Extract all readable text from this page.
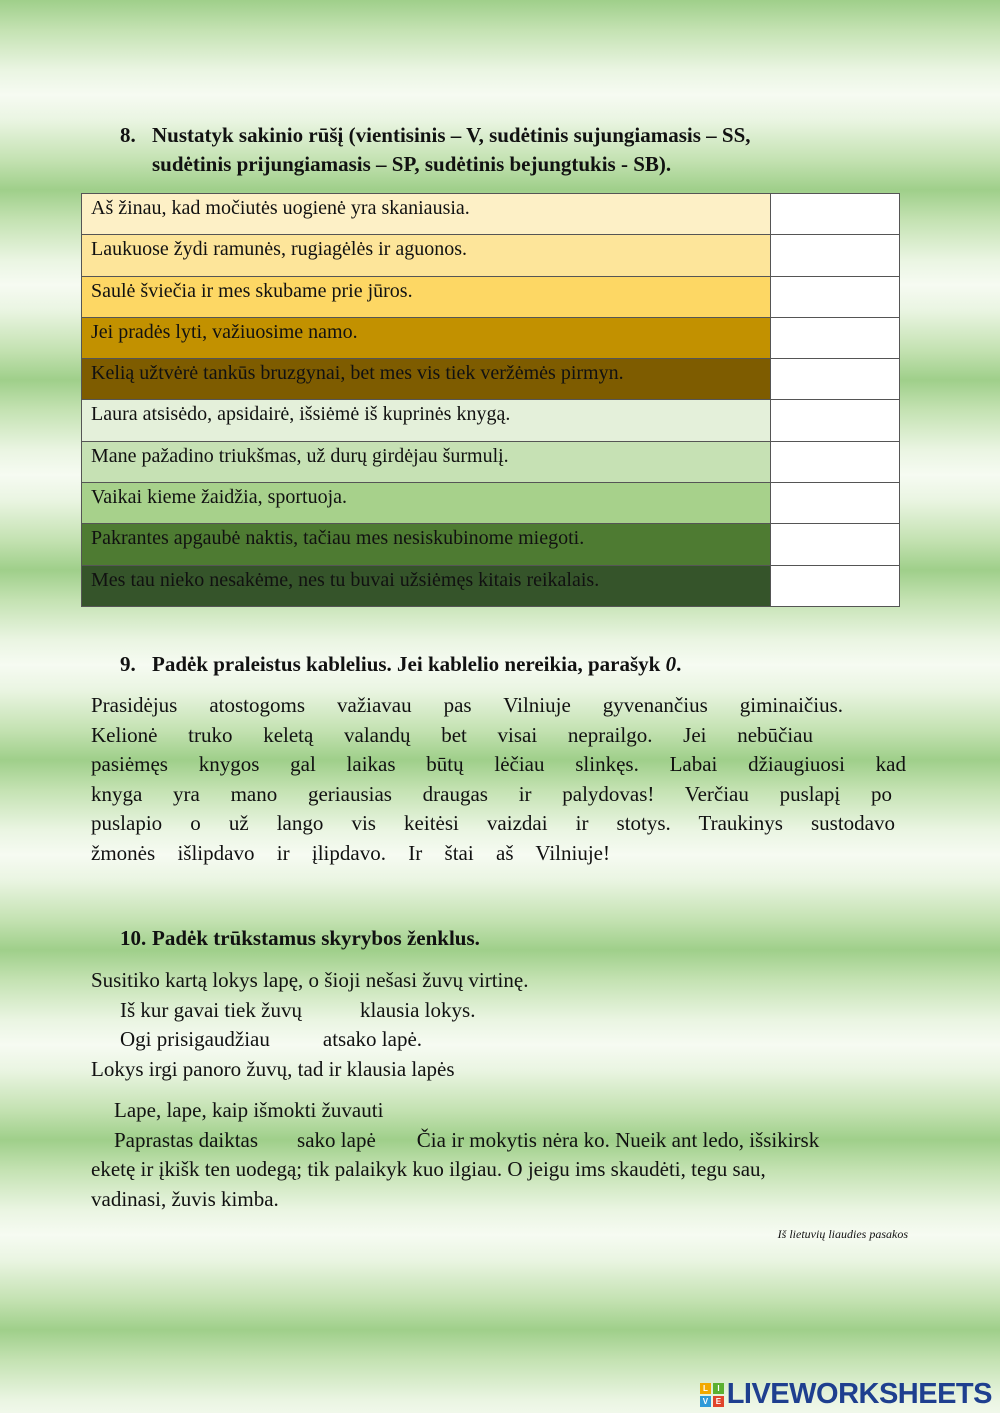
8. Nustatyk sakinio rūšį (vientisinis – V, sudėtinis sujungiamasis – SS,
sudėtinis prijungiamasis – SP, sudėtinis bejungtukis - SB).
Aš žinau, kad močiutės uogienė yra skaniausia.	
Laukuose žydi ramunės, rugiagėlės ir aguonos.	
Saulė šviečia ir mes skubame prie jūros.	
Jei pradės lyti, važiuosime namo.	
Kelią užtvėrė tankūs bruzgynai, bet mes vis tiek veržėmės pirmyn.	
Laura atsisėdo, apsidairė, išsiėmė iš kuprinės knygą.	
Mane pažadino triukšmas, už durų girdėjau šurmulį.	
Vaikai kieme žaidžia, sportuoja.	
Pakrantes apgaubė naktis, tačiau mes nesiskubinome miegoti.	
Mes tau nieko nesakėme, nes tu buvai užsiėmęs kitais reikalais.	
9. Padėk praleistus kablelius. Jei kablelio nereikia, parašyk 0.
Prasidėjus atostogoms važiavau pas Vilniuje gyvenančius giminaičius.
Kelionė truko keletą valandų bet visai neprailgo. Jei nebūčiau
pasiėmęs knygos gal laikas būtų lėčiau slinkęs. Labai džiaugiuosi kad
knyga yra mano geriausias draugas ir palydovas! Verčiau puslapį po
puslapio o už lango vis keitėsi vaizdai ir stotys. Traukinys sustodavo
žmonės išlipdavo ir įlipdavo. Ir štai aš Vilniuje!
10. Padėk trūkstamus skyrybos ženklus.
Susitiko kartą lokys lapę, o šioji nešasi žuvų virtinę.
Iš kur gavai tiek žuvų	klausia lokys.
Ogi prisigaudžiau	atsako lapė.
Lokys irgi panoro žuvų, tad ir klausia lapės
Lape, lape, kaip išmokti žuvauti
Paprastas daiktas sako lapė Čia ir mokytis nėra ko. Nueik ant ledo, išsikirsk
eketę ir įkišk ten uodegą; tik palaikyk kuo ilgiau. O jeigu ims skaudėti, tegu sau,
vadinasi, žuvis kimba.
Iš lietuvių liaudies pasakos
L	I
V	E LIVEWORKSHEETS
